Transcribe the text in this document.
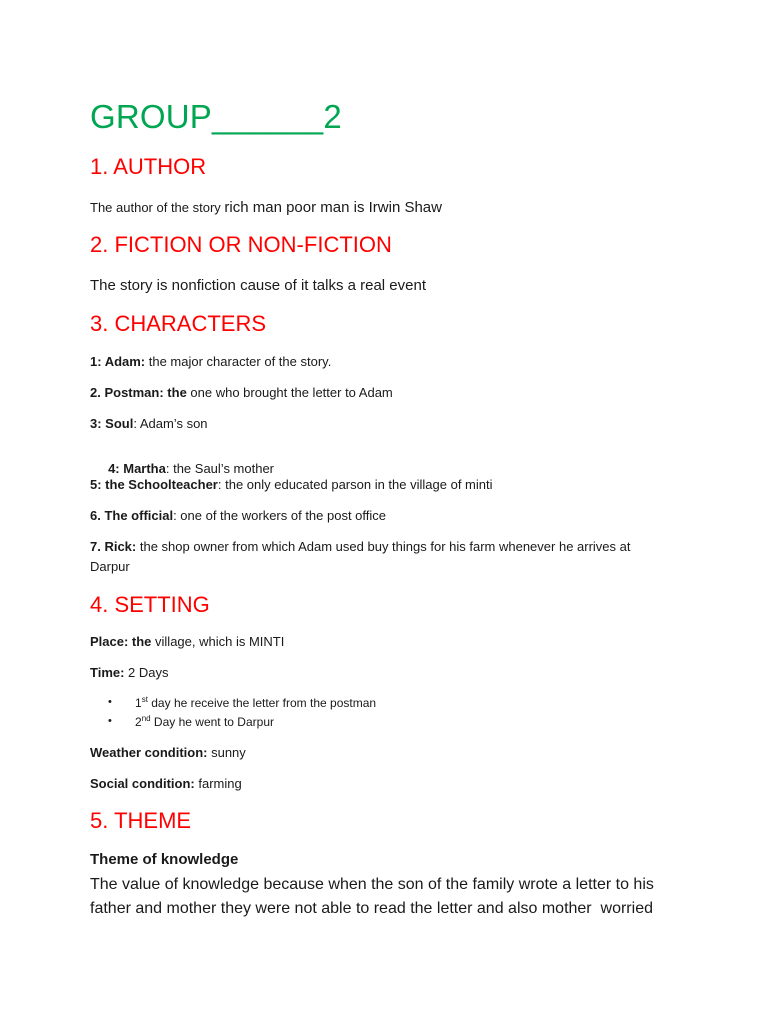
GROUP______2
1. AUTHOR
The author of the story rich man poor man is Irwin Shaw
2. FICTION OR NON-FICTION
The story is nonfiction cause of it talks a real event
3. CHARACTERS
1: Adam: the major character of the story.
2. Postman: the one who brought the letter to Adam
3: Soul: Adam’s son

4: Martha: the Saul’s mother

5: the Schoolteacher: the only educated parson in the village of minti
6. The official: one of the workers of the post office
7. Rick: the shop owner from which Adam used buy things for his farm whenever he arrives at
Darpur
4. SETTING
Place: the village, which is MINTI
Time: 2 Days
• 1st day he receive the letter from the postman
• 2nd Day he went to Darpur
Weather condition: sunny
Social condition: farming
5. THEME
Theme of knowledge
The value of knowledge because when the son of the family wrote a letter to his
father and mother they were not able to read the letter and also mother  worried
